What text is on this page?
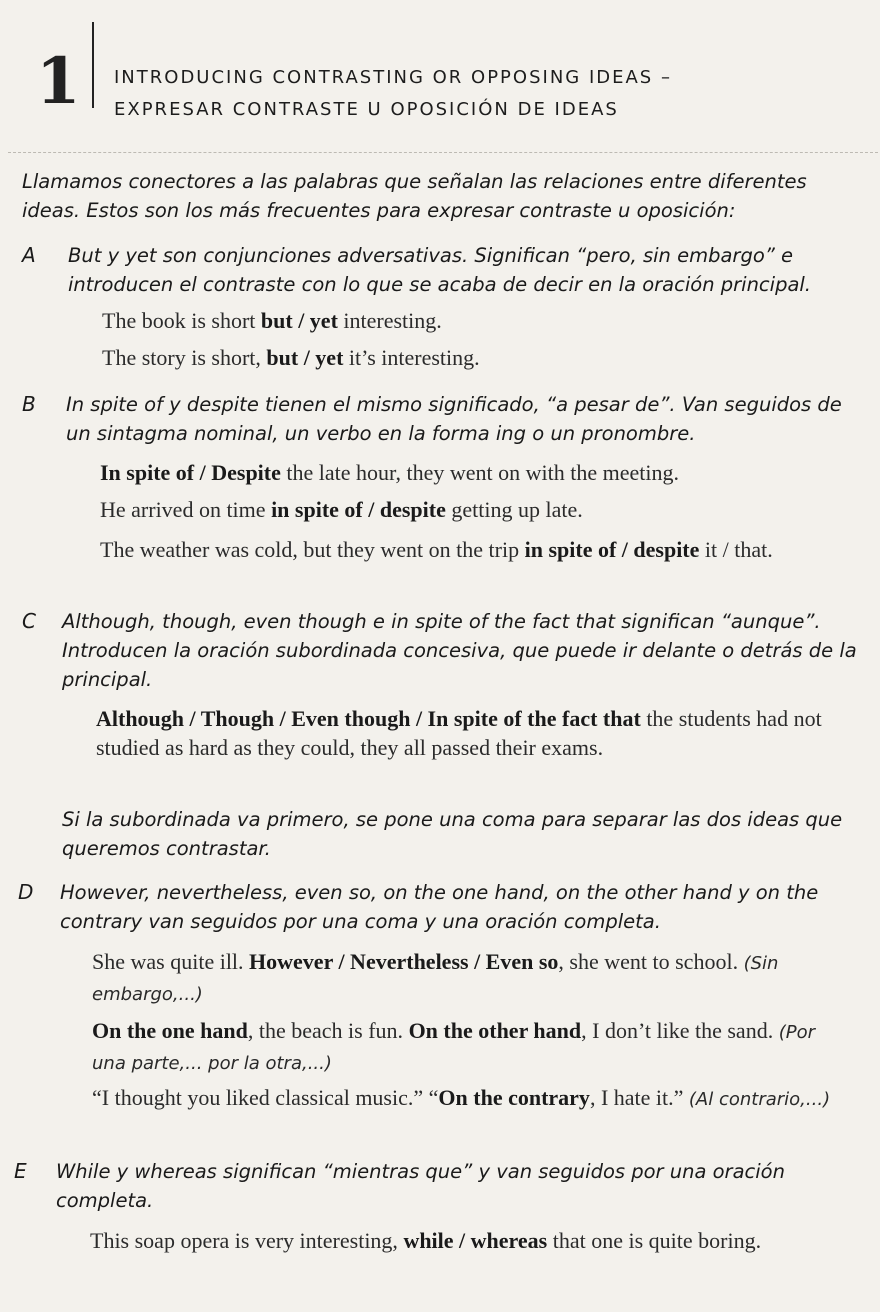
1 INTRODUCING CONTRASTING OR OPPOSING IDEAS –
EXPRESAR CONTRASTE U OPOSICIÓN DE IDEAS
Llamamos conectores a las palabras que señalan las relaciones entre diferentes ideas. Estos son los más frecuentes para expresar contraste u oposición:
A But y yet son conjunciones adversativas. Significan “pero, sin embargo” e introducen el contraste con lo que se acaba de decir en la oración principal.
The book is short but / yet interesting.
The story is short, but / yet it’s interesting.
B In spite of y despite tienen el mismo significado, “a pesar de”. Van seguidos de un sintagma nominal, un verbo en la forma ing o un pronombre.
In spite of / Despite the late hour, they went on with the meeting.
He arrived on time in spite of / despite getting up late.
The weather was cold, but they went on the trip in spite of / despite it / that.
C Although, though, even though e in spite of the fact that significan “aunque”. Introducen la oración subordinada concesiva, que puede ir delante o detrás de la principal.
Although / Though / Even though / In spite of the fact that the students had not studied as hard as they could, they all passed their exams.
Si la subordinada va primero, se pone una coma para separar las dos ideas que queremos contrastar.
D However, nevertheless, even so, on the one hand, on the other hand y on the contrary van seguidos por una coma y una oración completa.
She was quite ill. However / Nevertheless / Even so, she went to school. (Sin embargo,...)
On the one hand, the beach is fun. On the other hand, I don’t like the sand. (Por una parte,... por la otra,...)
“I thought you liked classical music.” “On the contrary, I hate it.” (Al contrario,...)
E While y whereas significan “mientras que” y van seguidos por una oración completa.
This soap opera is very interesting, while / whereas that one is quite boring.
